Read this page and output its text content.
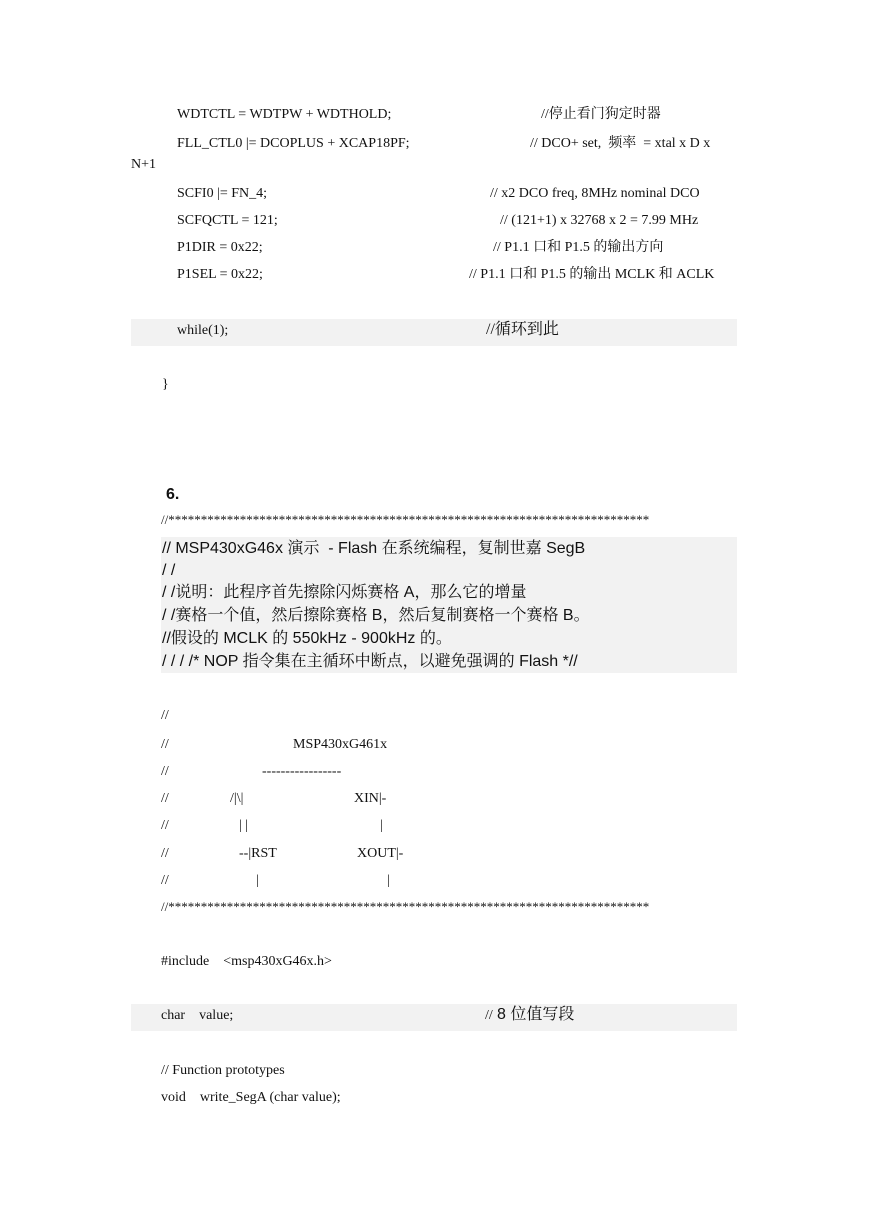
WDTCTL = WDTPW + WDTHOLD;	//停止看门狗定时器
FLL_CTL0 |= DCOPLUS + XCAP18PF;	// DCO+ set,  频率  = xtal x D x
N+1
SCFI0 |= FN_4;	// x2 DCO freq, 8MHz nominal DCO
SCFQCTL = 121;	// (121+1) x 32768 x 2 = 7.99 MHz
P1DIR = 0x22;	// P1.1 口和 P1.5 的输出方向
P1SEL = 0x22;	// P1.1 口和 P1.5 的输出 MCLK 和 ACLK
while(1);	//循环到此
}
6.
//**************************************************************************
// MSP430xG46x 演示  - Flash 在系统编程，复制世嘉 SegB
/ /
/ /说明：此程序首先擦除闪烁赛格 A，那么它的增量
/ /赛格一个值，然后擦除赛格 B，然后复制赛格一个赛格 B。
//假设的 MCLK 的 550kHz - 900kHz 的。
/ / / /* NOP 指令集在主循环中断点，以避免强调的 Flash *//
//
//	MSP430xG461x
//	-----------------
//	/|\|	XIN|-
//	| |	|
//	--|RST	XOUT|-
//	|	|
//**************************************************************************
#include    <msp430xG46x.h>
char    value;	// 8 位值写段
// Function prototypes
void    write_SegA (char value);
